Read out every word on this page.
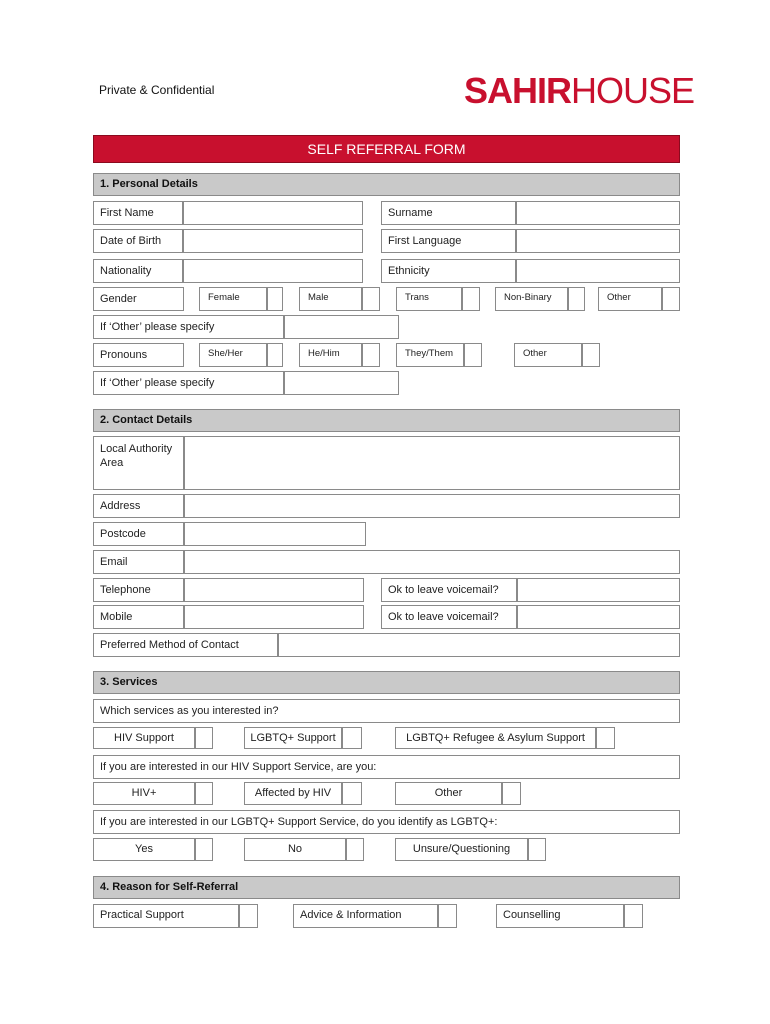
Private & Confidential	SAHIR HOUSE
SELF REFERRAL FORM
1. Personal Details
First Name	Surname
Date of Birth	First Language
Nationality	Ethnicity
Gender	Female	Male	Trans	Non-Binary	Other
If ‘Other’ please specify
Pronouns	She/Her	He/Him	They/Them	Other
If ‘Other’ please specify
2. Contact Details
Local Authority Area
Address
Postcode
Email
Telephone	Ok to leave voicemail?
Mobile	Ok to leave voicemail?
Preferred Method of Contact
3. Services
Which services as you interested in?
HIV Support	LGBTQ+ Support	LGBTQ+ Refugee & Asylum Support
If you are interested in our HIV Support Service, are you:
HIV+	Affected by HIV	Other
If you are interested in our LGBTQ+ Support Service, do you identify as LGBTQ+:
Yes	No	Unsure/Questioning
4. Reason for Self-Referral
Practical Support	Advice & Information	Counselling
